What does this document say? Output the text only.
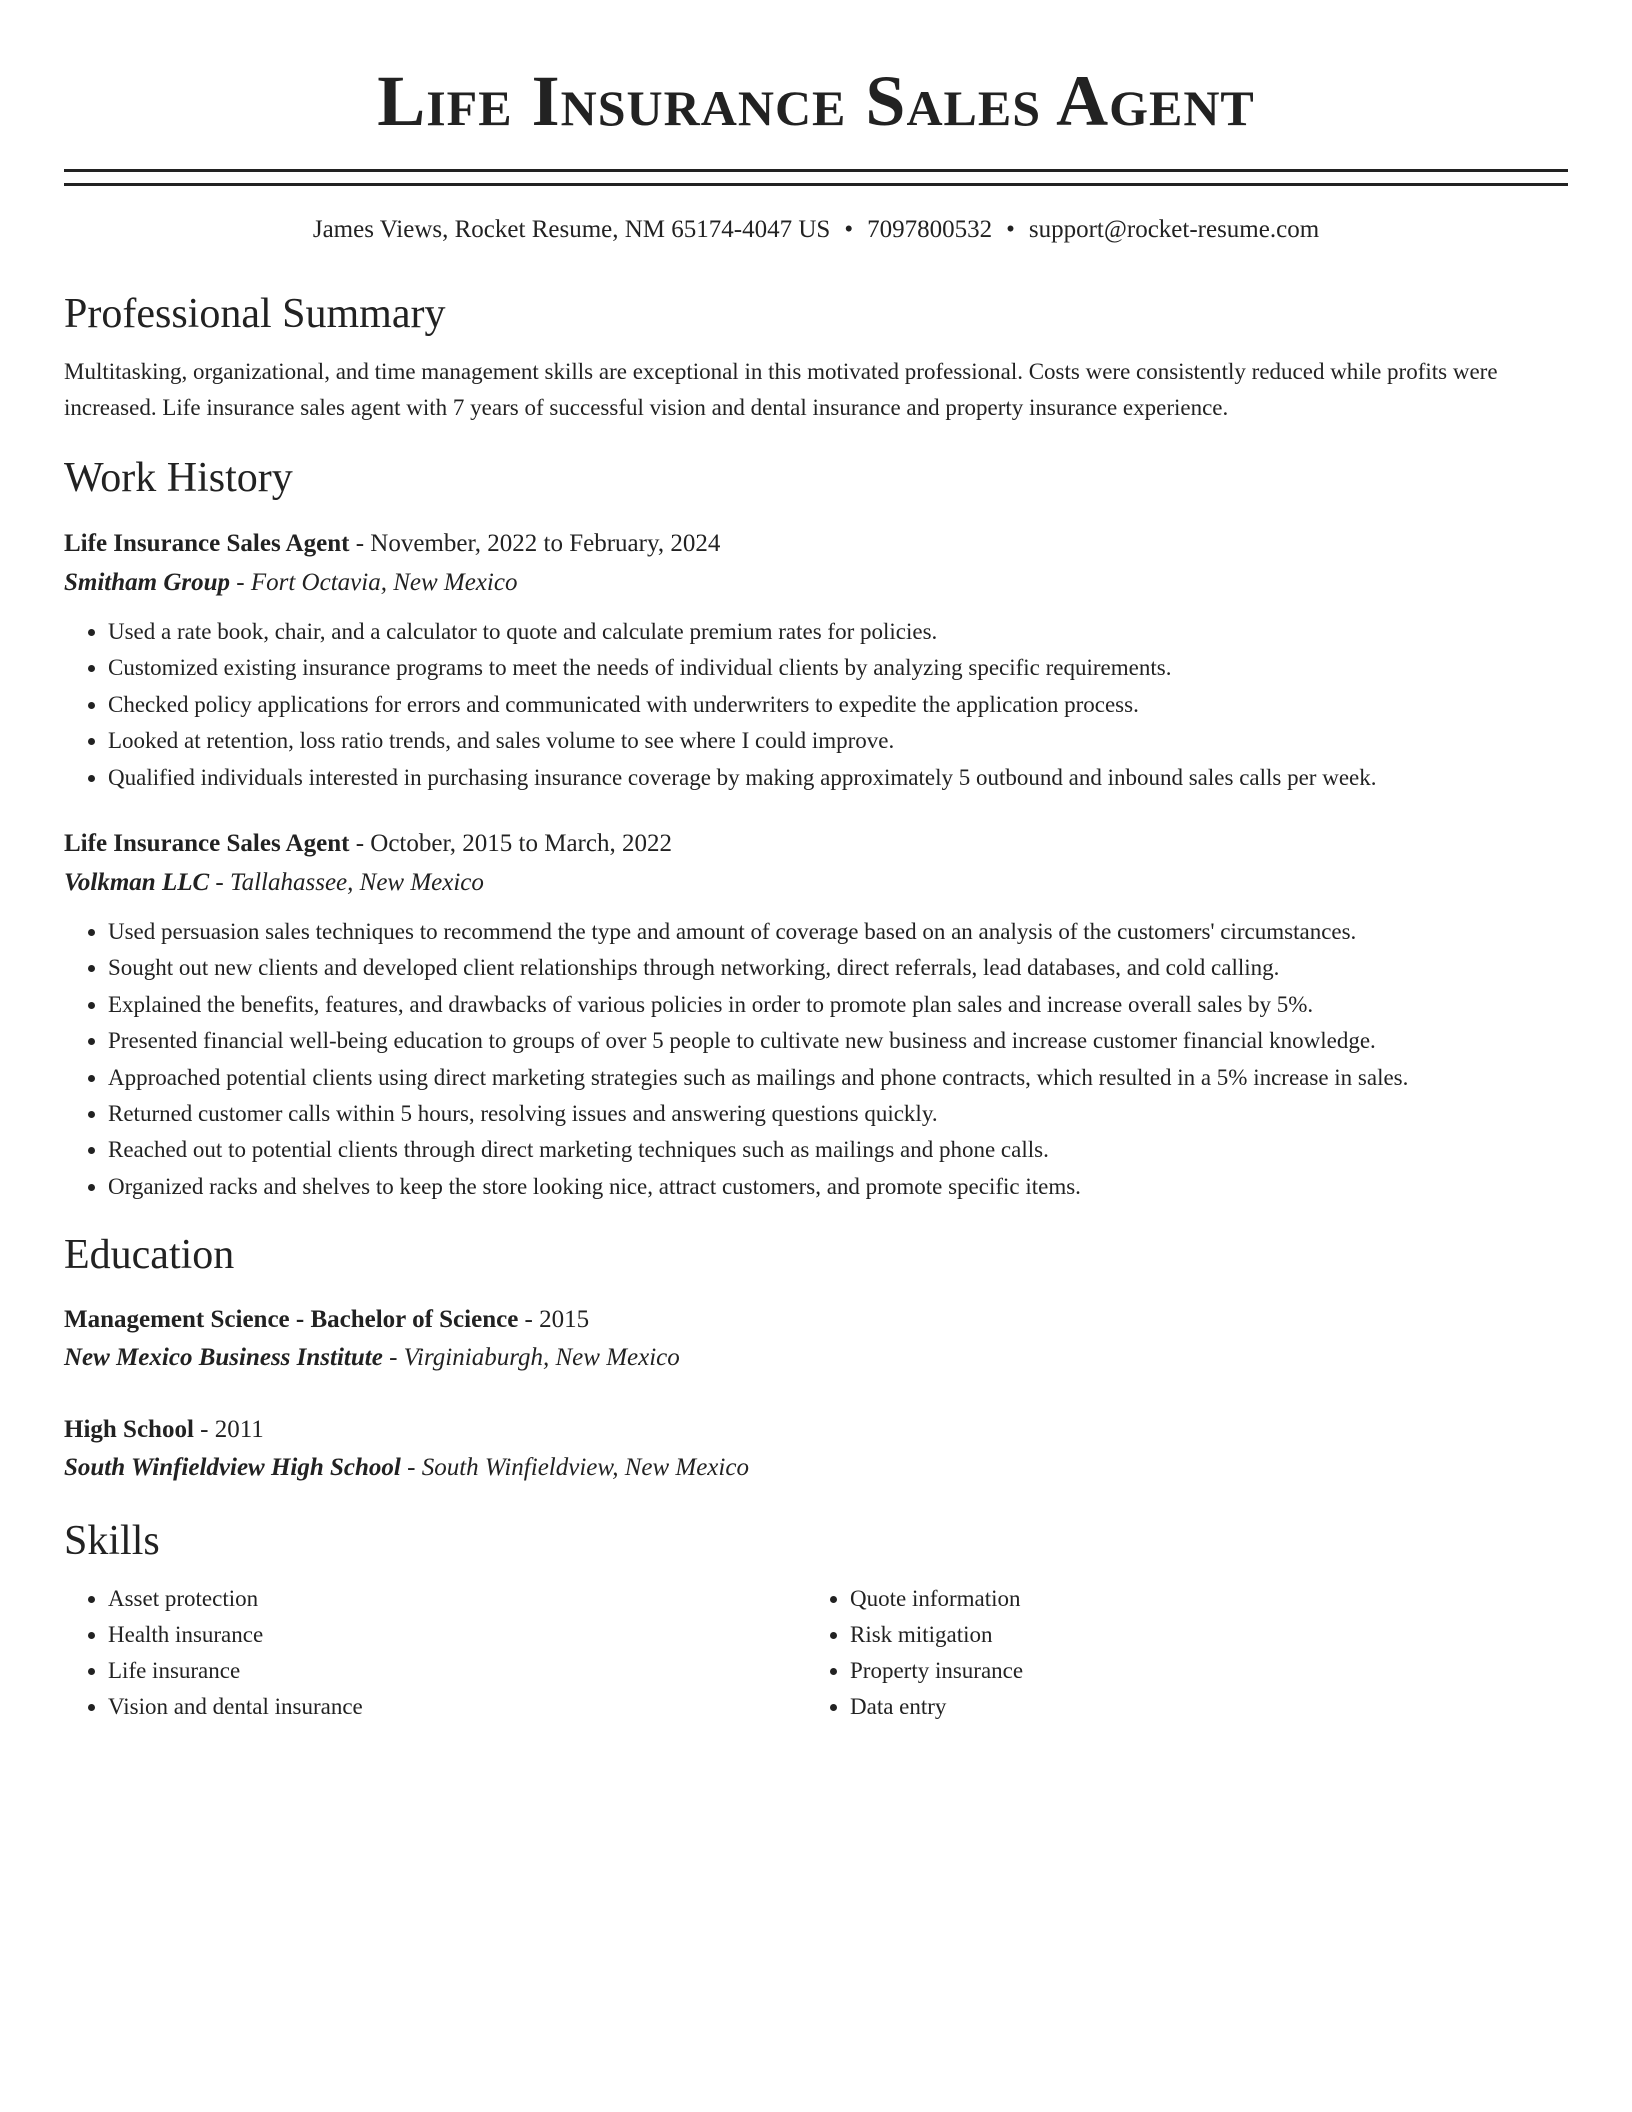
Life Insurance Sales Agent
James Views, Rocket Resume, NM 65174-4047 US • 7097800532 • support@rocket-resume.com
Professional Summary
Multitasking, organizational, and time management skills are exceptional in this motivated professional. Costs were consistently reduced while profits were increased. Life insurance sales agent with 7 years of successful vision and dental insurance and property insurance experience.
Work History
Life Insurance Sales Agent - November, 2022 to February, 2024
Smitham Group - Fort Octavia, New Mexico
• Used a rate book, chair, and a calculator to quote and calculate premium rates for policies.
• Customized existing insurance programs to meet the needs of individual clients by analyzing specific requirements.
• Checked policy applications for errors and communicated with underwriters to expedite the application process.
• Looked at retention, loss ratio trends, and sales volume to see where I could improve.
• Qualified individuals interested in purchasing insurance coverage by making approximately 5 outbound and inbound sales calls per week.
Life Insurance Sales Agent - October, 2015 to March, 2022
Volkman LLC - Tallahassee, New Mexico
• Used persuasion sales techniques to recommend the type and amount of coverage based on an analysis of the customers' circumstances.
• Sought out new clients and developed client relationships through networking, direct referrals, lead databases, and cold calling.
• Explained the benefits, features, and drawbacks of various policies in order to promote plan sales and increase overall sales by 5%.
• Presented financial well-being education to groups of over 5 people to cultivate new business and increase customer financial knowledge.
• Approached potential clients using direct marketing strategies such as mailings and phone contracts, which resulted in a 5% increase in sales.
• Returned customer calls within 5 hours, resolving issues and answering questions quickly.
• Reached out to potential clients through direct marketing techniques such as mailings and phone calls.
• Organized racks and shelves to keep the store looking nice, attract customers, and promote specific items.
Education
Management Science - Bachelor of Science - 2015
New Mexico Business Institute - Virginiaburgh, New Mexico
High School - 2011
South Winfieldview High School - South Winfieldview, New Mexico
Skills
• Asset protection
• Health insurance
• Life insurance
• Vision and dental insurance
• Quote information
• Risk mitigation
• Property insurance
• Data entry
